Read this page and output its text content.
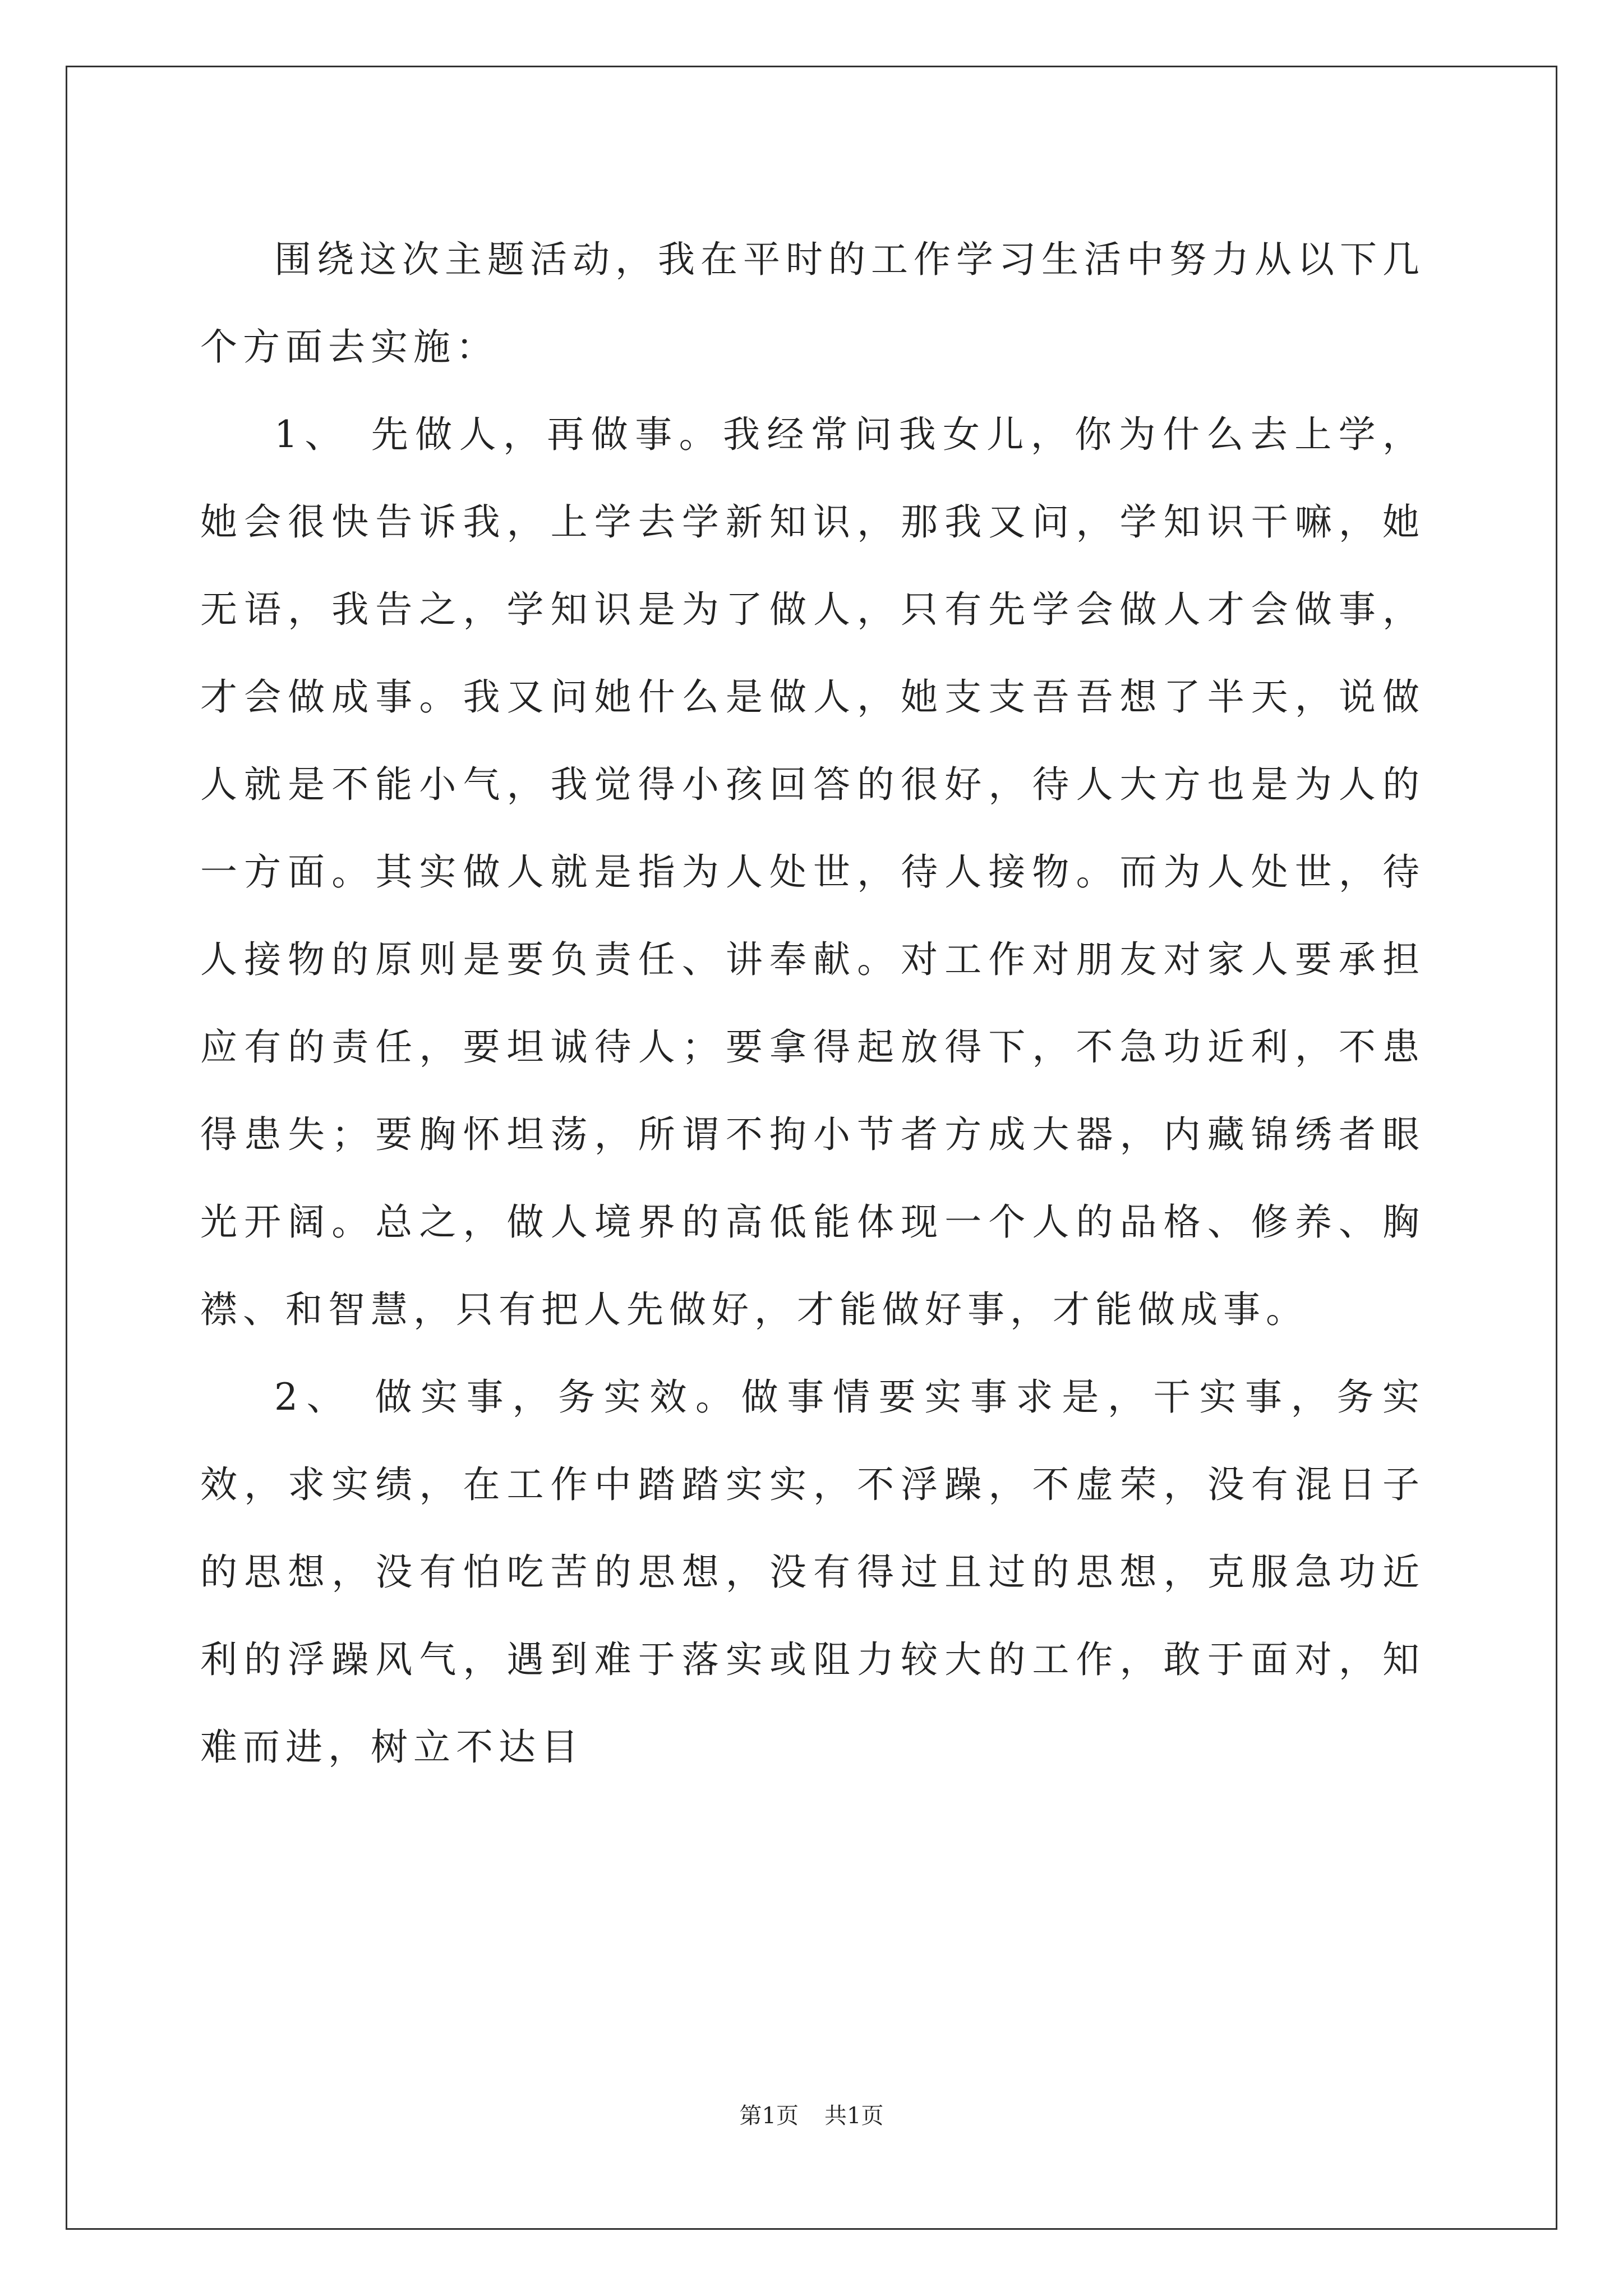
围绕这次主题活动，我在平时的工作学习生活中努力从以下几个方面去实施：

1、 先做人，再做事。我经常问我女儿，你为什么去上学，她会很快告诉我，上学去学新知识，那我又问，学知识干嘛，她无语，我告之，学知识是为了做人，只有先学会做人才会做事，才会做成事。我又问她什么是做人，她支支吾吾想了半天，说做人就是不能小气，我觉得小孩回答的很好，待人大方也是为人的一方面。其实做人就是指为人处世，待人接物。而为人处世，待人接物的原则是要负责任、讲奉献。对工作对朋友对家人要承担应有的责任，要坦诚待人；要拿得起放得下，不急功近利，不患得患失；要胸怀坦荡，所谓不拘小节者方成大器，内藏锦绣者眼光开阔。总之，做人境界的高低能体现一个人的品格、修养、胸襟、和智慧，只有把人先做好，才能做好事，才能做成事。

2、 做实事，务实效。做事情要实事求是，干实事，务实效，求实绩，在工作中踏踏实实，不浮躁，不虚荣，没有混日子的思想，没有怕吃苦的思想，没有得过且过的思想，克服急功近利的浮躁风气，遇到难于落实或阻力较大的工作，敢于面对，知难而进，树立不达目

第1页 共1页
